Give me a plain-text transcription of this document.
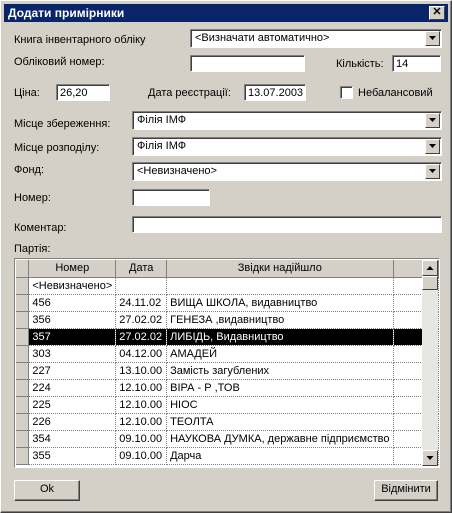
Додати примірники	✕
Книга інвентарного обліку	<Визначати автоматично>
Обліковий номер:	Кількість:	14
Ціна:	26,20	Дата реєстрації:	13.07.2003	Небалансовий
Місце збереження: Філія ІМФ
Місце розподілу:	Філія ІМФ
Фонд:	<Невизначено>
Номер:
Коментар:
Партія:
	Номер	Дата	Звідки надійшло	
	<Невизначено>			
	456	24.11.02	ВИЩА ШКОЛА, видавництво	
	356	27.02.02	ГЕНЕЗА ,видавництво	
	357	27.02.02	ЛИБІДЬ, Видавництво	
	303	04.12.00	АМАДЕЙ	
	227	13.10.00	Замість загублених	
	224	12.10.00	ВІРА - Р ,ТОВ	
	225	12.10.00	НІОС	
	226	12.10.00	ТЕОЛТА	
	354	09.10.00	НАУКОВА ДУМКА, державне підприємство	
	355	09.10.00	Дарча	
Ok	Відмінити
